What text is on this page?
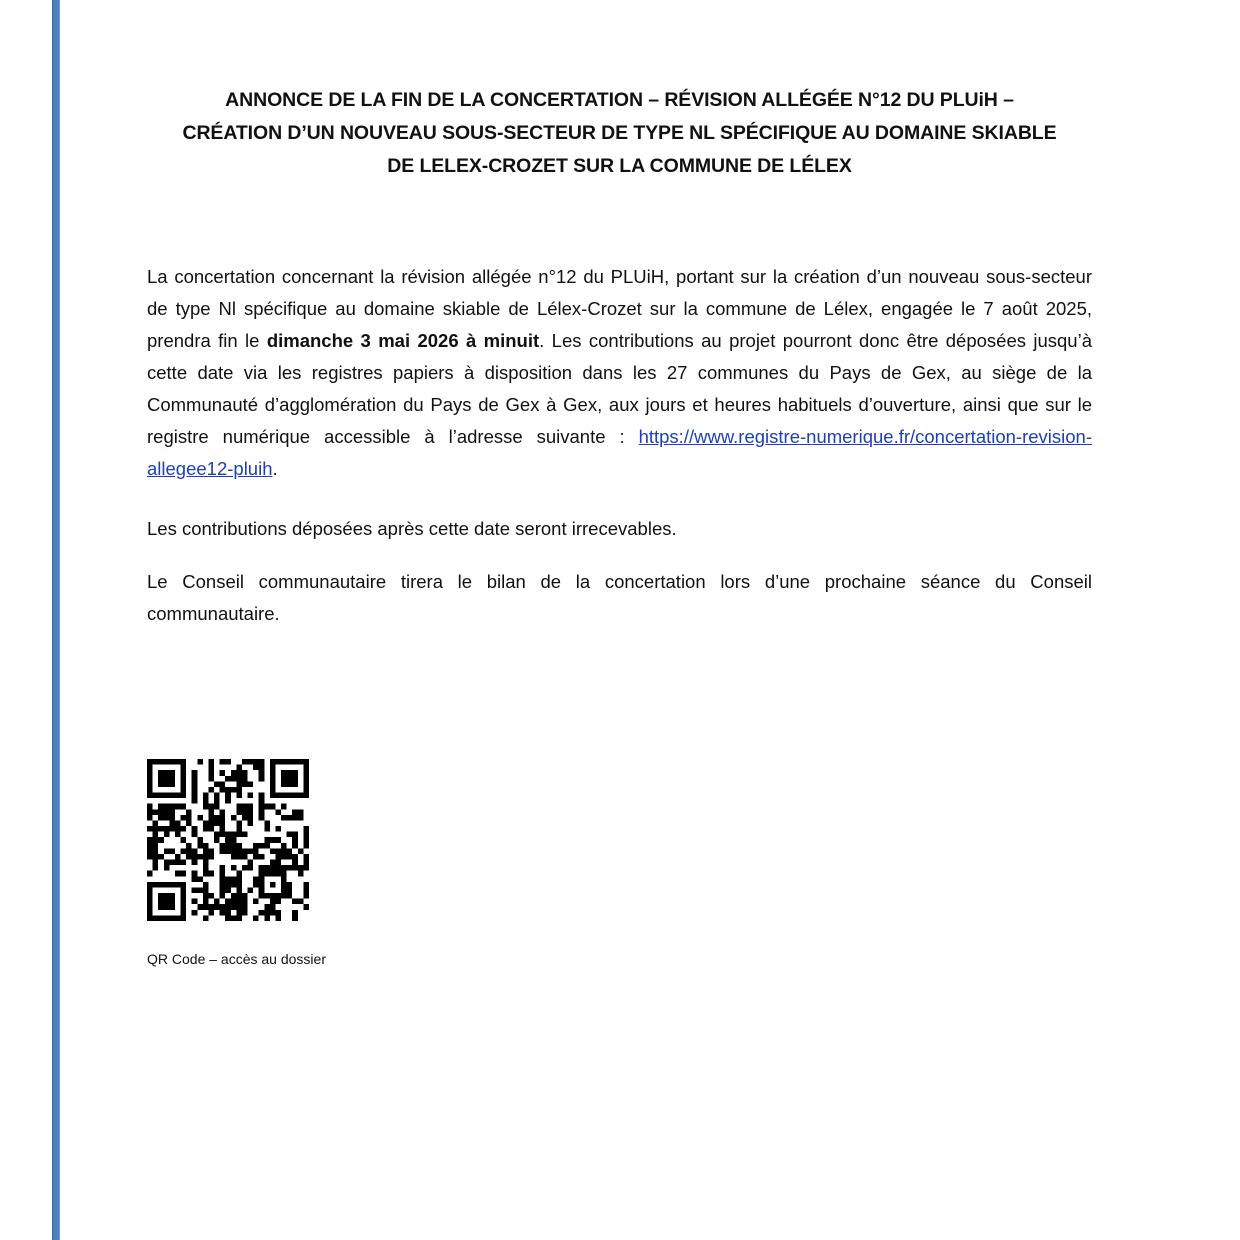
ANNONCE DE LA FIN DE LA CONCERTATION – RÉVISION ALLÉGÉE N°12 DU PLUiH –
CRÉATION D’UN NOUVEAU SOUS-SECTEUR DE TYPE NL SPÉCIFIQUE AU DOMAINE SKIABLE
DE LELEX-CROZET SUR LA COMMUNE DE LÉLEX

La concertation concernant la révision allégée n°12 du PLUiH, portant sur la création d’un nouveau sous-secteur de type Nl spécifique au domaine skiable de Lélex-Crozet sur la commune de Lélex, engagée le 7 août 2025, prendra fin le dimanche 3 mai 2026 à minuit. Les contributions au projet pourront donc être déposées jusqu’à cette date via les registres papiers à disposition dans les 27 communes du Pays de Gex, au siège de la Communauté d’agglomération du Pays de Gex à Gex, aux jours et heures habituels d’ouverture, ainsi que sur le registre numérique accessible à l’adresse suivante : https://www.registre-numerique.fr/concertation-revision-allegee12-pluih.

Les contributions déposées après cette date seront irrecevables.

Le Conseil communautaire tirera le bilan de la concertation lors d’une prochaine séance du Conseil communautaire.

QR Code – accès au dossier
